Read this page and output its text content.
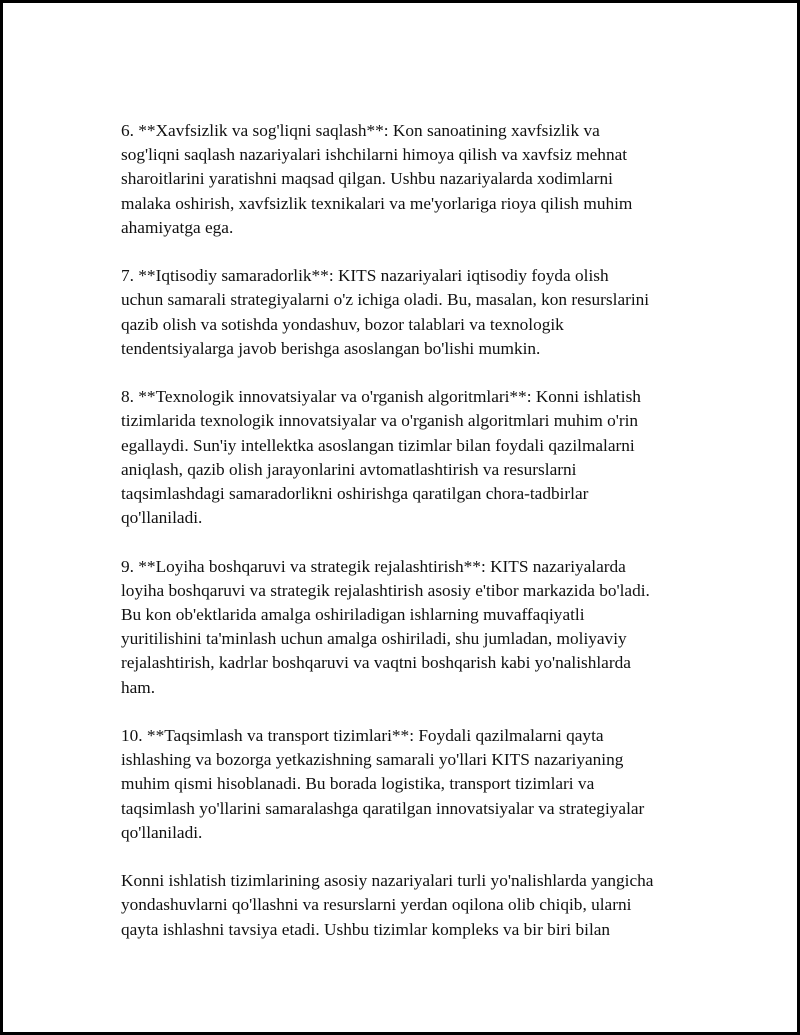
6. **Xavfsizlik va sog'liqni saqlash**: Kon sanoatining xavfsizlik va
sog'liqni saqlash nazariyalari ishchilarni himoya qilish va xavfsiz mehnat
sharoitlarini yaratishni maqsad qilgan. Ushbu nazariyalarda xodimlarni
malaka oshirish, xavfsizlik texnikalari va me'yorlariga rioya qilish muhim
ahamiyatga ega.

7. **Iqtisodiy samaradorlik**: KITS nazariyalari iqtisodiy foyda olish
uchun samarali strategiyalarni o'z ichiga oladi. Bu, masalan, kon resurslarini
qazib olish va sotishda yondashuv, bozor talablari va texnologik
tendentsiyalarga javob berishga asoslangan bo'lishi mumkin.

8. **Texnologik innovatsiyalar va o'rganish algoritmlari**: Konni ishlatish
tizimlarida texnologik innovatsiyalar va o'rganish algoritmlari muhim o'rin
egallaydi. Sun'iy intellektka asoslangan tizimlar bilan foydali qazilmalarni
aniqlash, qazib olish jarayonlarini avtomatlashtirish va resurslarni
taqsimlashdagi samaradorlikni oshirishga qaratilgan chora-tadbirlar
qo'llaniladi.

9. **Loyiha boshqaruvi va strategik rejalashtirish**: KITS nazariyalarda
loyiha boshqaruvi va strategik rejalashtirish asosiy e'tibor markazida bo'ladi.
Bu kon ob'ektlarida amalga oshiriladigan ishlarning muvaffaqiyatli
yuritilishini ta'minlash uchun amalga oshiriladi, shu jumladan, moliyaviy
rejalashtirish, kadrlar boshqaruvi va vaqtni boshqarish kabi yo'nalishlarda
ham.

10. **Taqsimlash va transport tizimlari**: Foydali qazilmalarni qayta
ishlashing va bozorga yetkazishning samarali yo'llari KITS nazariyaning
muhim qismi hisoblanadi. Bu borada logistika, transport tizimlari va
taqsimlash yo'llarini samaralashga qaratilgan innovatsiyalar va strategiyalar
qo'llaniladi.

Konni ishlatish tizimlarining asosiy nazariyalari turli yo'nalishlarda yangicha
yondashuvlarni qo'llashni va resurslarni yerdan oqilona olib chiqib, ularni
qayta ishlashni tavsiya etadi. Ushbu tizimlar kompleks va bir biri bilan
